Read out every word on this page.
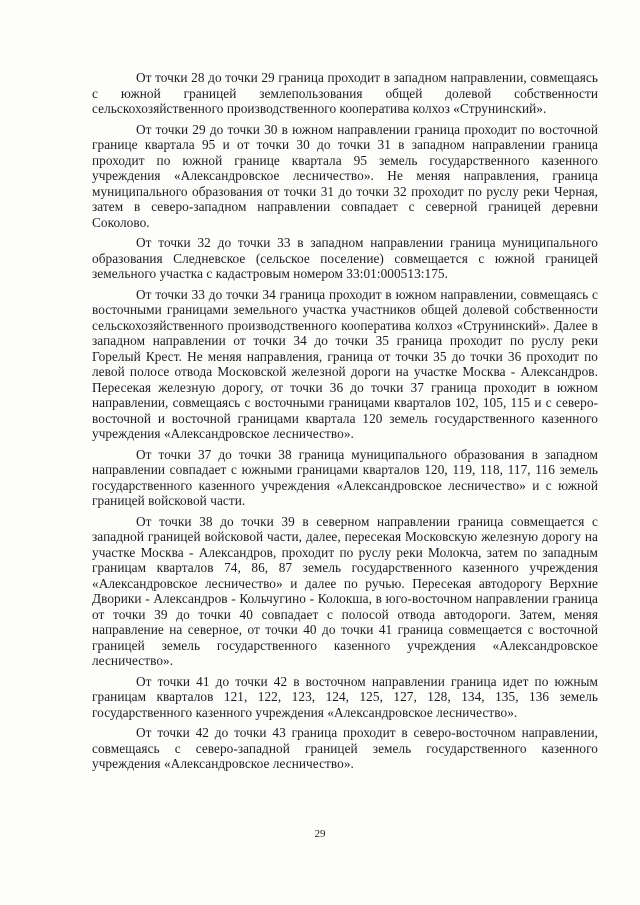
От точки 28 до точки 29 граница проходит в западном направлении, совмещаясь с южной границей землепользования общей долевой собственности сельскохозяйственного производственного кооператива колхоз «Струнинский».

От точки 29 до точки 30 в южном направлении граница проходит по восточной границе квартала 95 и от точки 30 до точки 31 в западном направлении граница проходит по южной границе квартала 95 земель государственного казенного учреждения «Александровское лесничество». Не меняя направления, граница муниципального образования от точки 31 до точки 32 проходит по руслу реки Черная, затем в северо-западном направлении совпадает с северной границей деревни Соколово.

От точки 32 до точки 33 в западном направлении граница муниципального образования Следневское (сельское поселение) совмещается с южной границей земельного участка с кадастровым номером 33:01:000513:175.

От точки 33 до точки 34 граница проходит в южном направлении, совмещаясь с восточными границами земельного участка участников общей долевой собственности сельскохозяйственного производственного кооператива колхоз «Струнинский». Далее в западном направлении от точки 34 до точки 35 граница проходит по руслу реки Горелый Крест. Не меняя направления, граница от точки 35 до точки 36 проходит по левой полосе отвода Московской железной дороги на участке Москва - Александров. Пересекая железную дорогу, от точки 36 до точки 37 граница проходит в южном направлении, совмещаясь с восточными границами кварталов 102, 105, 115 и с северо-восточной и восточной границами квартала 120 земель государственного казенного учреждения «Александровское лесничество».

От точки 37 до точки 38 граница муниципального образования в западном направлении совпадает с южными границами кварталов 120, 119, 118, 117, 116 земель государственного казенного учреждения «Александровское лесничество» и с южной границей войсковой части.

От точки 38 до точки 39 в северном направлении граница совмещается с западной границей войсковой части, далее, пересекая Московскую железную дорогу на участке Москва - Александров, проходит по руслу реки Молокча, затем по западным границам кварталов 74, 86, 87 земель государственного казенного учреждения «Александровское лесничество» и далее по ручью. Пересекая автодорогу Верхние Дворики - Александров - Кольчугино - Колокша, в юго-восточном направлении граница от точки 39 до точки 40 совпадает с полосой отвода автодороги. Затем, меняя направление на северное, от точки 40 до точки 41 граница совмещается с восточной границей земель государственного казенного учреждения «Александровское лесничество».

От точки 41 до точки 42 в восточном направлении граница идет по южным границам кварталов 121, 122, 123, 124, 125, 127, 128, 134, 135, 136 земель государственного казенного учреждения «Александровское лесничество».

От точки 42 до точки 43 граница проходит в северо-восточном направлении, совмещаясь с северо-западной границей земель государственного казенного учреждения «Александровское лесничество».

29
